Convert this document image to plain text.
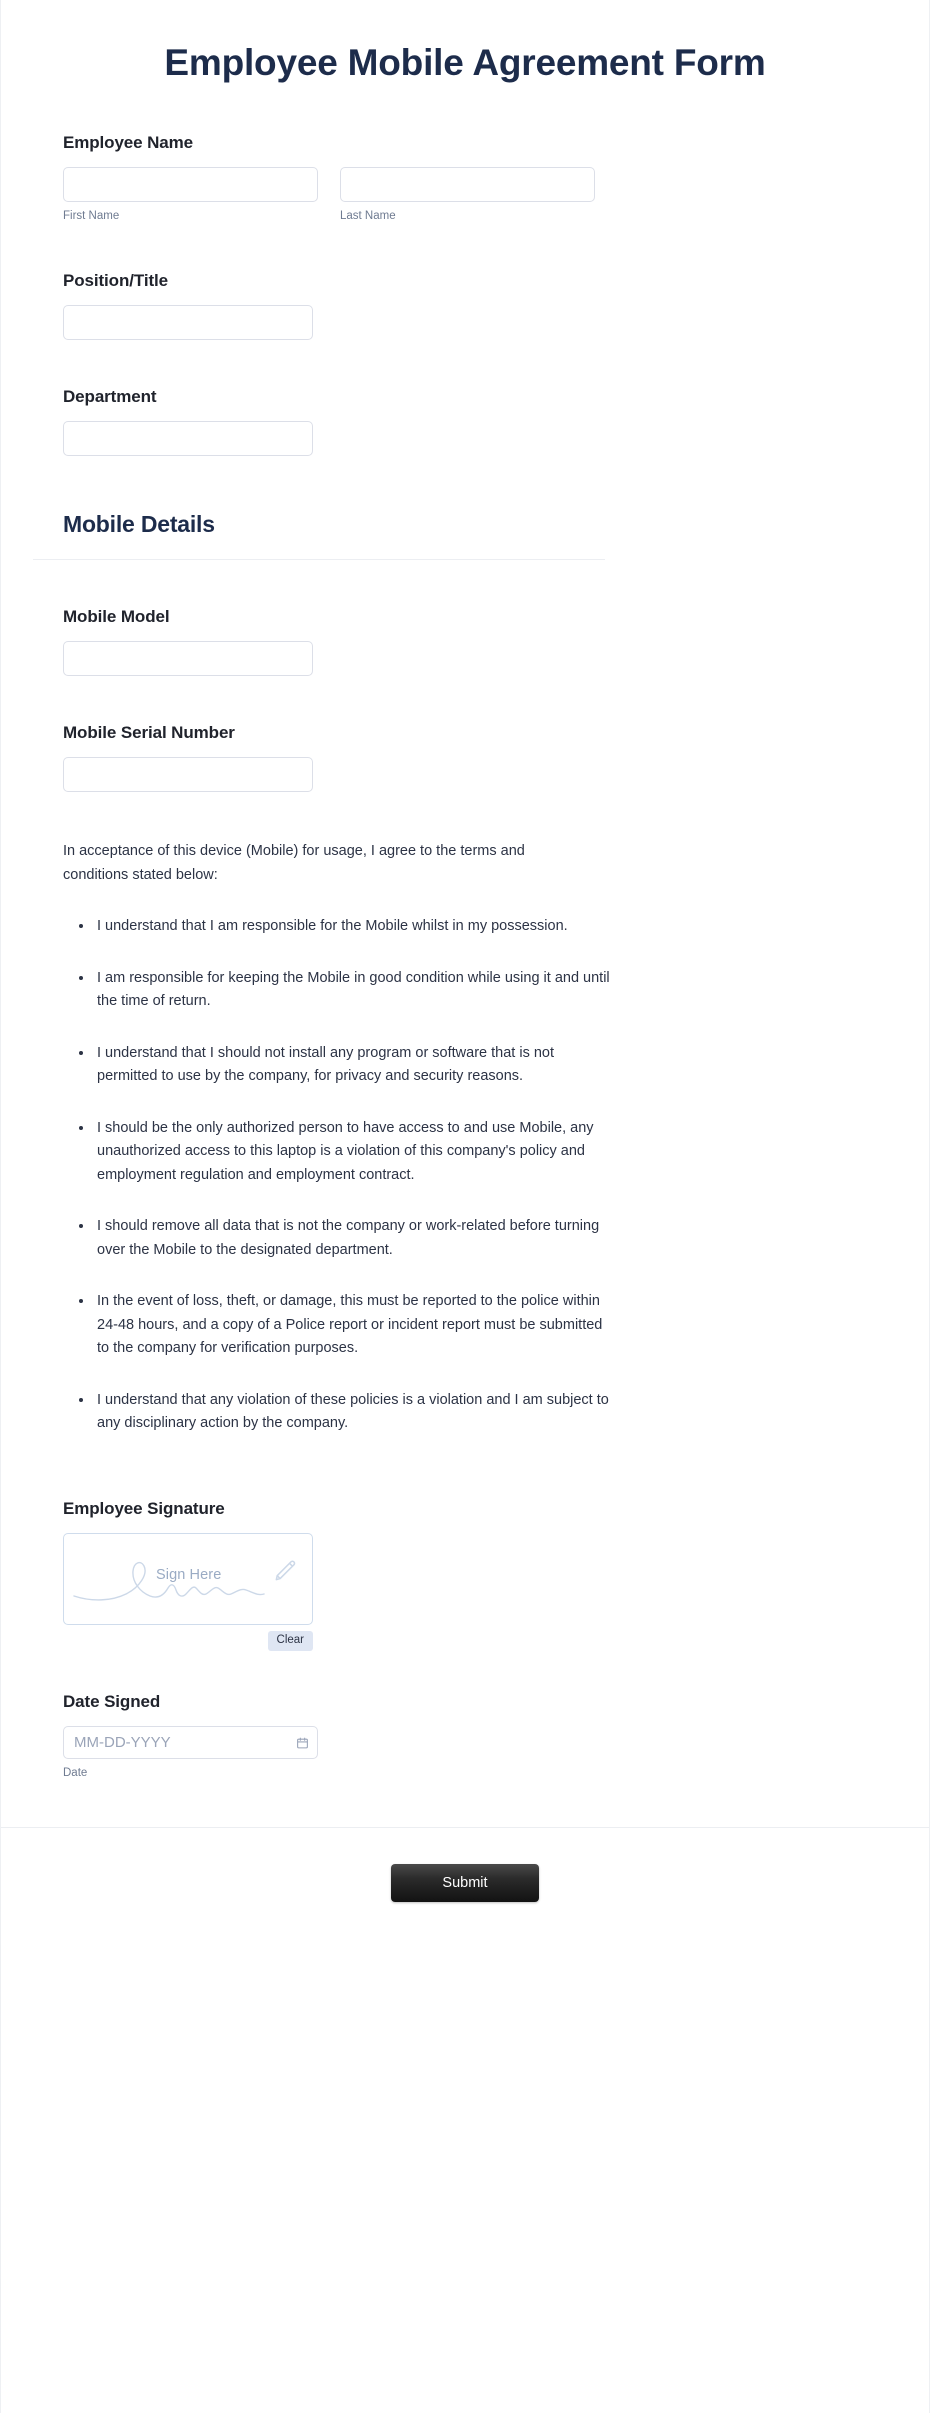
Employee Mobile Agreement Form
Employee Name
First Name	Last Name
Position/Title
Department
Mobile Details
Mobile Model
Mobile Serial Number

In acceptance of this device (Mobile) for usage, I agree to the terms and conditions stated below:

I understand that I am responsible for the Mobile whilst in my possession.
I am responsible for keeping the Mobile in good condition while using it and until the time of return.
I understand that I should not install any program or software that is not permitted to use by the company, for privacy and security reasons.
I should be the only authorized person to have access to and use Mobile, any unauthorized access to this laptop is a violation of this company's policy and employment regulation and employment contract.
I should remove all data that is not the company or work-related before turning over the Mobile to the designated department.
In the event of loss, theft, or damage, this must be reported to the police within 24-48 hours, and a copy of a Police report or incident report must be submitted to the company for verification purposes.
I understand that any violation of these policies is a violation and I am subject to any disciplinary action by the company.
Employee Signature
Sign Here
Clear
Date Signed
MM-DD-YYYY
Date
Submit
